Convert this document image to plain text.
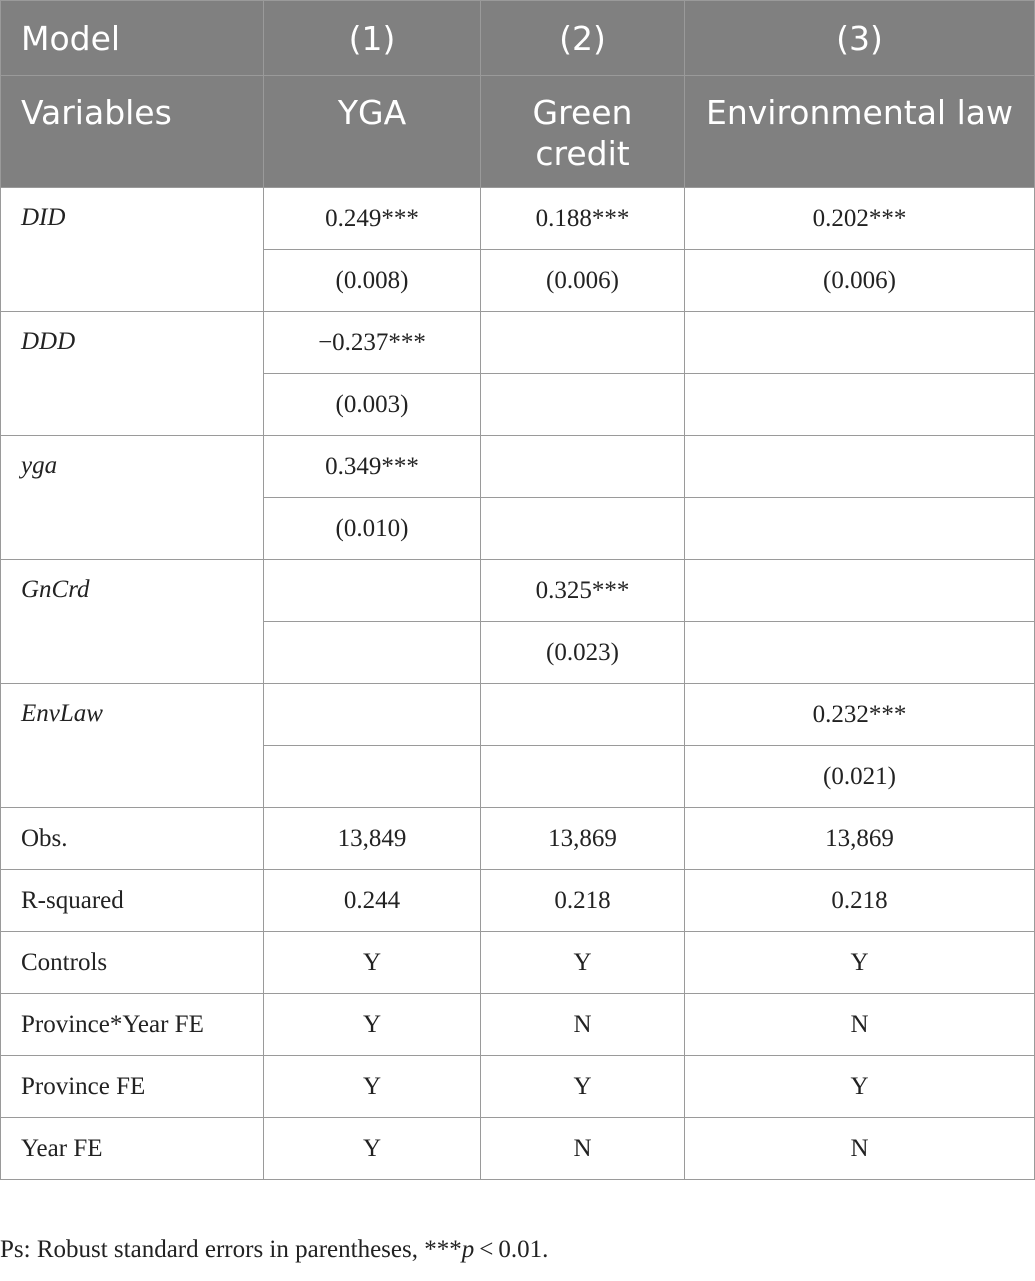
Model	(1)	(2)	(3)
Variables	YGA	Green credit	Environmental law
DID	0.249***	0.188***	0.202***
	(0.008)	(0.006)	(0.006)
DDD	−0.237***		
	(0.003)		
yga	0.349***		
	(0.010)		
GnCrd		0.325***	
		(0.023)	
EnvLaw			0.232***
			(0.021)
Obs.	13,849	13,869	13,869
R-squared	0.244	0.218	0.218
Controls	Y	Y	Y
Province*Year FE	Y	N	N
Province FE	Y	Y	Y
Year FE	Y	N	N
Ps: Robust standard errors in parentheses, ***p < 0.01.
